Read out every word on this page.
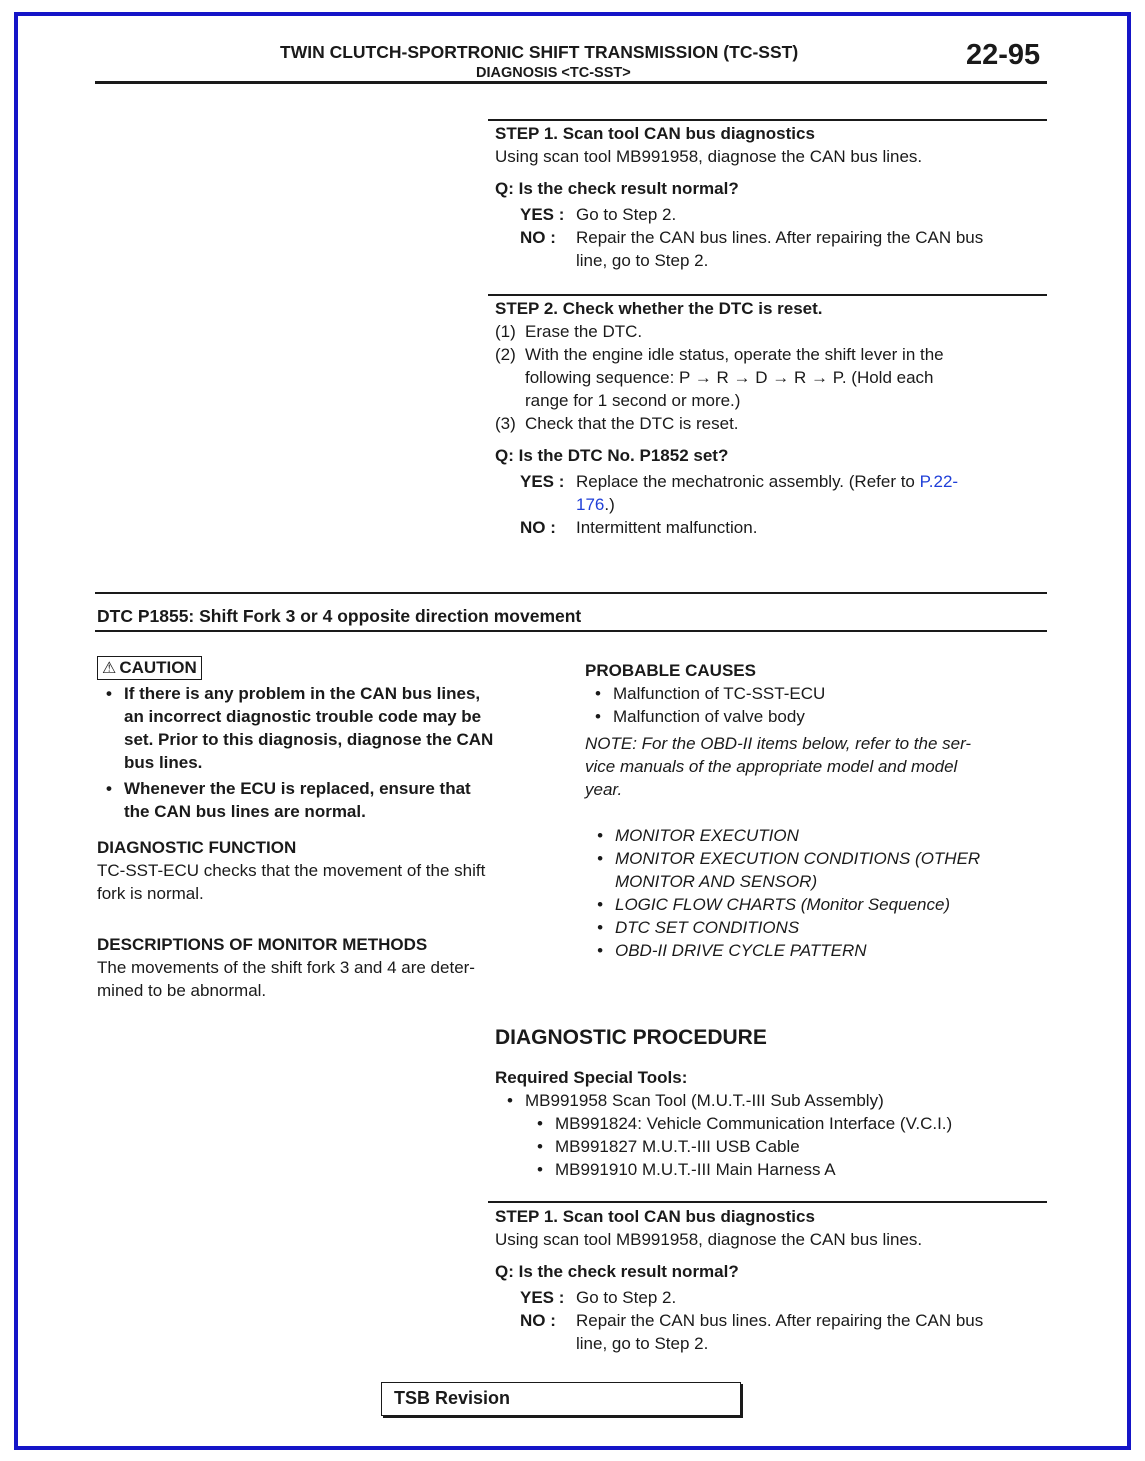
TWIN CLUTCH-SPORTRONIC SHIFT TRANSMISSION (TC-SST)
DIAGNOSIS <TC-SST>
22-95
STEP 1. Scan tool CAN bus diagnostics
Using scan tool MB991958, diagnose the CAN bus lines.
Q: Is the check result normal?
YES : Go to Step 2.
NO : Repair the CAN bus lines. After repairing the CAN bus
line, go to Step 2.
STEP 2. Check whether the DTC is reset.
(1) Erase the DTC.
(2) With the engine idle status, operate the shift lever in the
following sequence: P → R → D → R → P. (Hold each
range for 1 second or more.)
(3) Check that the DTC is reset.
Q: Is the DTC No. P1852 set?
YES : Replace the mechatronic assembly. (Refer to P.22-
176.)
NO : Intermittent malfunction.
DTC P1855: Shift Fork 3 or 4 opposite direction movement
⚠ CAUTION
• If there is any problem in the CAN bus lines,
an incorrect diagnostic trouble code may be
set. Prior to this diagnosis, diagnose the CAN
bus lines.
• Whenever the ECU is replaced, ensure that
the CAN bus lines are normal.
DIAGNOSTIC FUNCTION
TC-SST-ECU checks that the movement of the shift
fork is normal.
DESCRIPTIONS OF MONITOR METHODS
The movements of the shift fork 3 and 4 are deter-
mined to be abnormal.
PROBABLE CAUSES
• Malfunction of TC-SST-ECU
• Malfunction of valve body
NOTE: For the OBD-II items below, refer to the ser-
vice manuals of the appropriate model and model
year.
• MONITOR EXECUTION
• MONITOR EXECUTION CONDITIONS (OTHER
MONITOR AND SENSOR)
• LOGIC FLOW CHARTS (Monitor Sequence)
• DTC SET CONDITIONS
• OBD-II DRIVE CYCLE PATTERN
DIAGNOSTIC PROCEDURE
Required Special Tools:
• MB991958 Scan Tool (M.U.T.-III Sub Assembly)
• MB991824: Vehicle Communication Interface (V.C.I.)
• MB991827 M.U.T.-III USB Cable
• MB991910 M.U.T.-III Main Harness A
STEP 1. Scan tool CAN bus diagnostics
Using scan tool MB991958, diagnose the CAN bus lines.
Q: Is the check result normal?
YES : Go to Step 2.
NO : Repair the CAN bus lines. After repairing the CAN bus
line, go to Step 2.
TSB Revision
